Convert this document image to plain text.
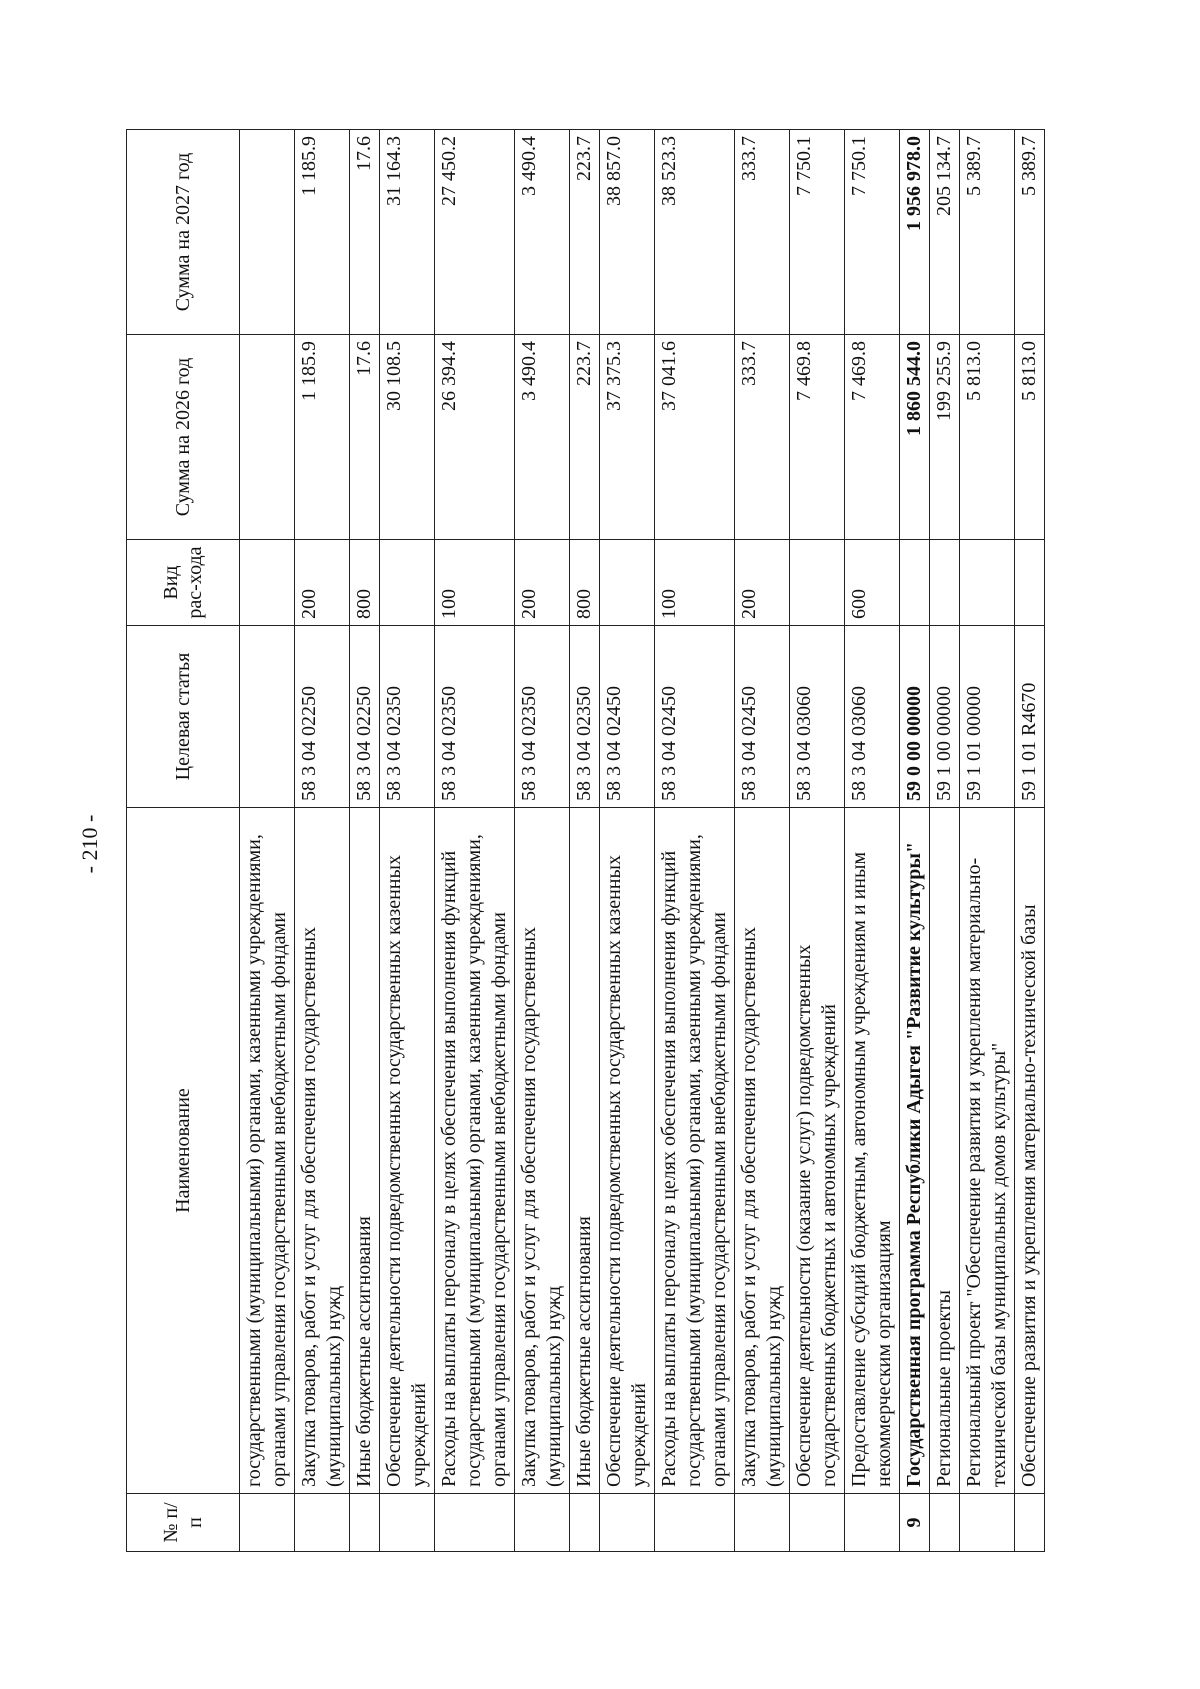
- 210 -
№ п/п	Наименование	Целевая статья	Вид рас-хода	Сумма на 2026 год	Сумма на 2027 год
	государственными (муниципальными) органами, казенными учреждениями, органами управления государственными внебюджетными фондами				
	Закупка товаров, работ и услуг для обеспечения государственных (муниципальных) нужд	58 3 04 02250	200	1 185.9	1 185.9
	Иные бюджетные ассигнования	58 3 04 02250	800	17.6	17.6
	Обеспечение деятельности подведомственных государственных казенных учреждений	58 3 04 02350		30 108.5	31 164.3
	Расходы на выплаты персоналу в целях обеспечения выполнения функций государственными (муниципальными) органами, казенными учреждениями, органами управления государственными внебюджетными фондами	58 3 04 02350	100	26 394.4	27 450.2
	Закупка товаров, работ и услуг для обеспечения государственных (муниципальных) нужд	58 3 04 02350	200	3 490.4	3 490.4
	Иные бюджетные ассигнования	58 3 04 02350	800	223.7	223.7
	Обеспечение деятельности подведомственных государственных казенных учреждений	58 3 04 02450		37 375.3	38 857.0
	Расходы на выплаты персоналу в целях обеспечения выполнения функций государственными (муниципальными) органами, казенными учреждениями, органами управления государственными внебюджетными фондами	58 3 04 02450	100	37 041.6	38 523.3
	Закупка товаров, работ и услуг для обеспечения государственных (муниципальных) нужд	58 3 04 02450	200	333.7	333.7
	Обеспечение деятельности (оказание услуг) подведомственных государственных бюджетных и автономных учреждений	58 3 04 03060		7 469.8	7 750.1
	Предоставление субсидий бюджетным, автономным учреждениям и иным некоммерческим организациям	58 3 04 03060	600	7 469.8	7 750.1
9	Государственная программа Республики Адыгея "Развитие культуры"	59 0 00 00000		1 860 544.0	1 956 978.0
	Региональные проекты	59 1 00 00000		199 255.9	205 134.7
	Региональный проект "Обеспечение развития и укрепления материально-технической базы муниципальных домов культуры"	59 1 01 00000		5 813.0	5 389.7
	Обеспечение развития и укрепления материально-технической базы	59 1 01 R4670		5 813.0	5 389.7
